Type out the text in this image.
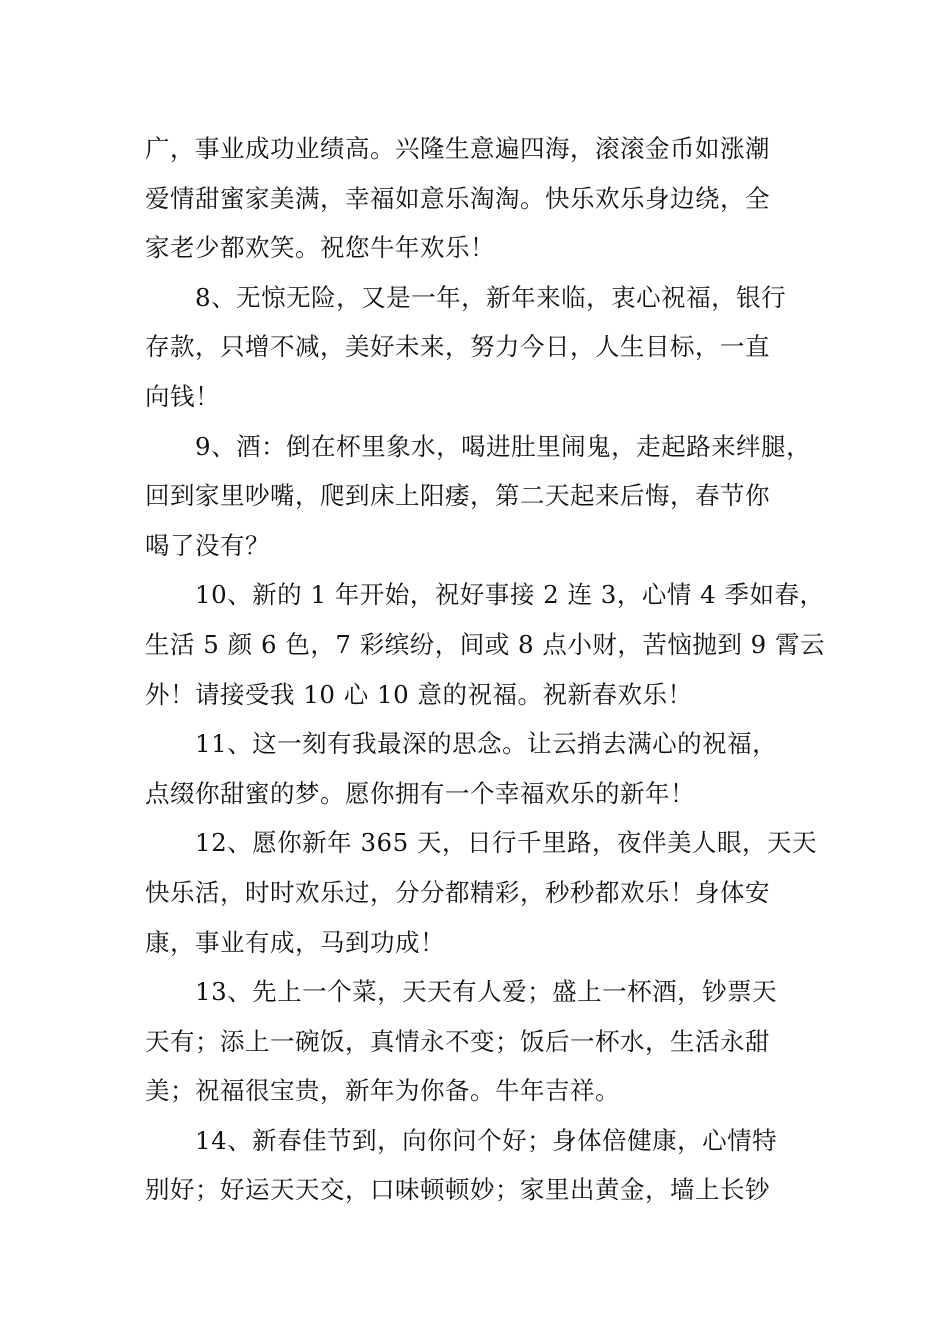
广，事业成功业绩高。兴隆生意遍四海，滚滚金币如涨潮
爱情甜蜜家美满，幸福如意乐淘淘。快乐欢乐身边绕，全
家老少都欢笑。祝您牛年欢乐！
8、无惊无险，又是一年，新年来临，衷心祝福，银行
存款，只增不减，美好未来，努力今日，人生目标，一直
向钱！
9、酒：倒在杯里象水，喝进肚里闹鬼，走起路来绊腿，
回到家里吵嘴，爬到床上阳痿，第二天起来后悔，春节你
喝了没有？
10、新的 1 年开始，祝好事接 2 连 3，心情 4 季如春，
生活 5 颜 6 色，7 彩缤纷，间或 8 点小财，苦恼抛到 9 霄云
外！请接受我 10 心 10 意的祝福。祝新春欢乐！
11、这一刻有我最深的思念。让云捎去满心的祝福，
点缀你甜蜜的梦。愿你拥有一个幸福欢乐的新年！
12、愿你新年 365 天，日行千里路，夜伴美人眼，天天
快乐活，时时欢乐过，分分都精彩，秒秒都欢乐！身体安
康，事业有成，马到功成！
13、先上一个菜，天天有人爱；盛上一杯酒，钞票天
天有；添上一碗饭，真情永不变；饭后一杯水，生活永甜
美；祝福很宝贵，新年为你备。牛年吉祥。
14、新春佳节到，向你问个好；身体倍健康，心情特
别好；好运天天交，口味顿顿妙；家里出黄金，墙上长钞
